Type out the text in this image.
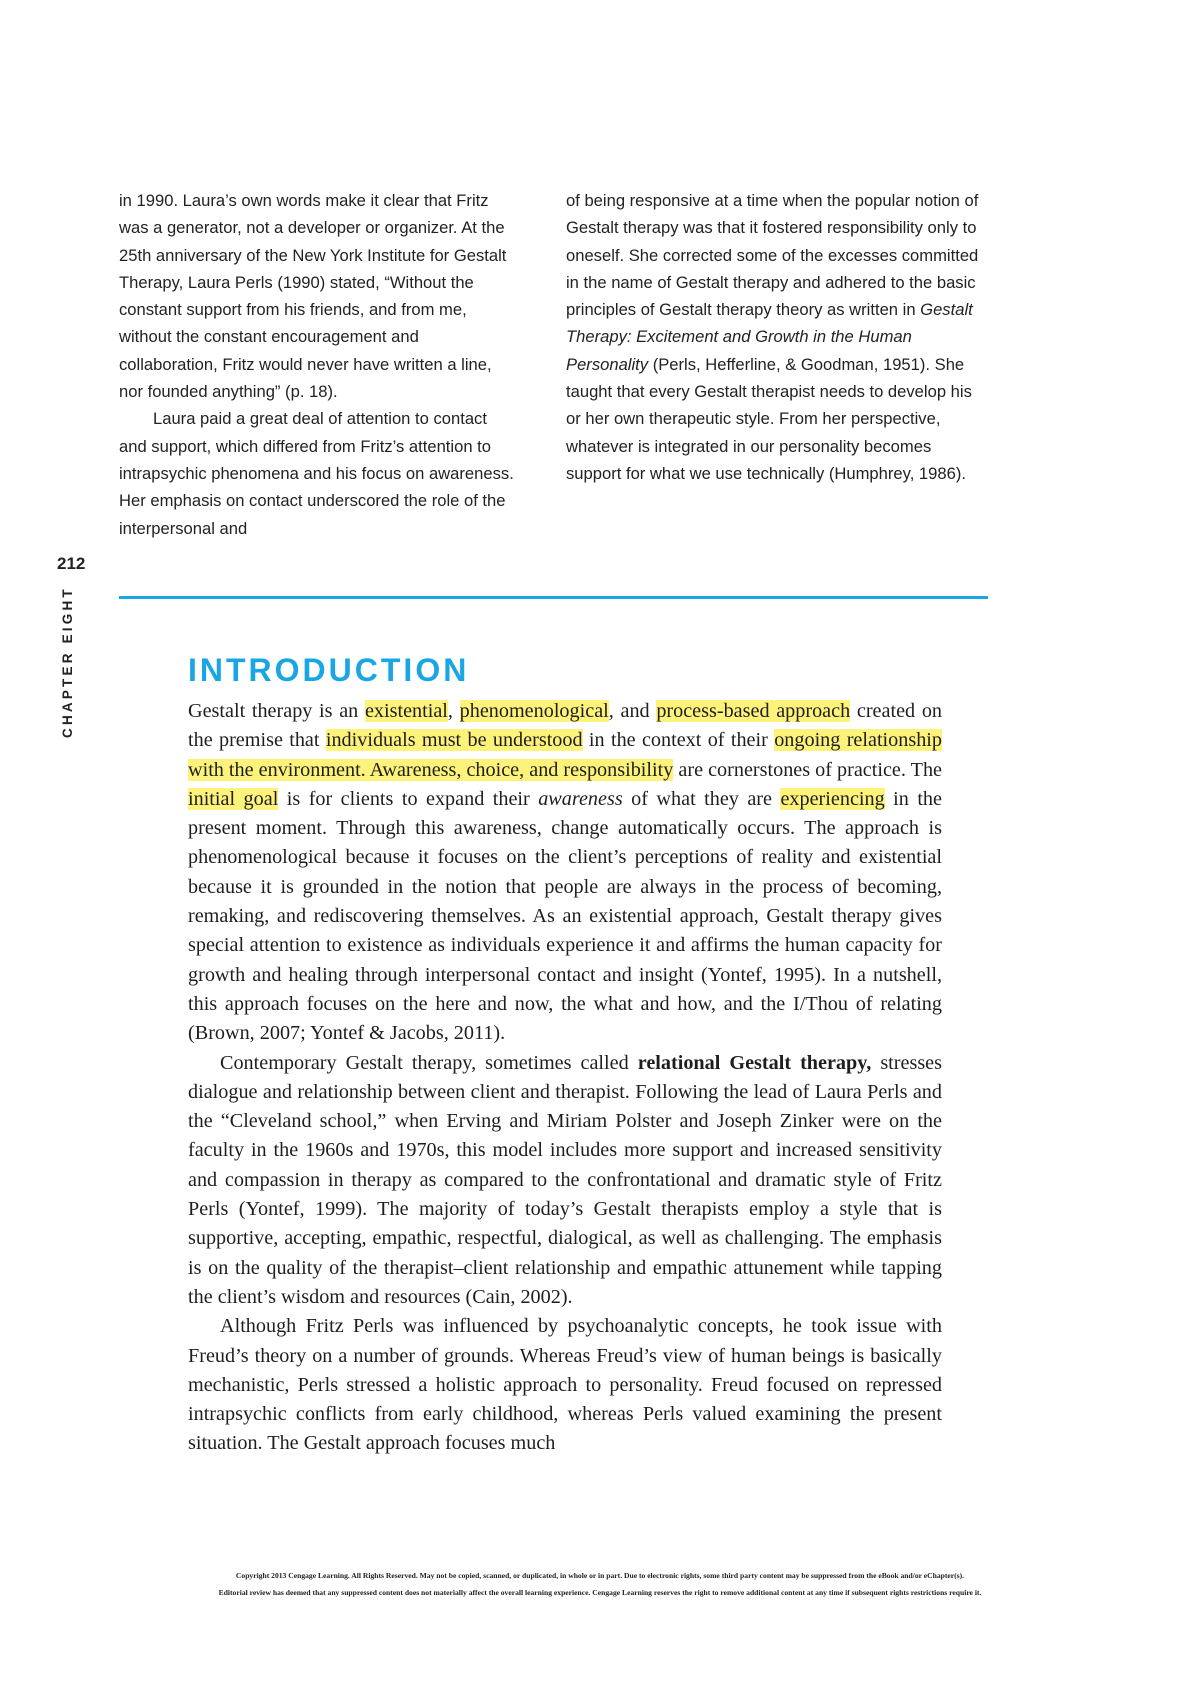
in 1990. Laura’s own words make it clear that Fritz was a generator, not a developer or organizer. At the 25th anniversary of the New York Institute for Gestalt Therapy, Laura Perls (1990) stated, “Without the constant support from his friends, and from me, without the constant encouragement and collaboration, Fritz would never have written a line, nor founded anything” (p. 18).

Laura paid a great deal of attention to contact and support, which differed from Fritz’s attention to intrapsychic phenomena and his focus on awareness. Her emphasis on contact underscored the role of the interpersonal and

of being responsive at a time when the popular notion of Gestalt therapy was that it fostered responsibility only to oneself. She corrected some of the excesses committed in the name of Gestalt therapy and adhered to the basic principles of Gestalt therapy theory as written in Gestalt Therapy: Excitement and Growth in the Human Personality (Perls, Hefferline, & Goodman, 1951). She taught that every Gestalt therapist needs to develop his or her own therapeutic style. From her perspective, whatever is integrated in our personality becomes support for what we use technically (Humphrey, 1986).

212
CHAPTER EIGHT	INTRODUCTION

Gestalt therapy is an existential, phenomenological, and process-based approach created on the premise that individuals must be understood in the context of their ongoing relationship with the environment. Awareness, choice, and responsibility are cornerstones of practice. The initial goal is for clients to expand their awareness of what they are experiencing in the present moment. Through this awareness, change automatically occurs. The approach is phenomenological because it focuses on the client’s perceptions of reality and existential because it is grounded in the notion that people are always in the process of becoming, remaking, and rediscovering themselves. As an existential approach, Gestalt therapy gives special attention to existence as individuals experience it and affirms the human capacity for growth and healing through interpersonal contact and insight (Yontef, 1995). In a nutshell, this approach focuses on the here and now, the what and how, and the I/Thou of relating (Brown, 2007; Yontef & Jacobs, 2011).

Contemporary Gestalt therapy, sometimes called relational Gestalt therapy, stresses dialogue and relationship between client and therapist. Following the lead of Laura Perls and the “Cleveland school,” when Erving and Miriam Polster and Joseph Zinker were on the faculty in the 1960s and 1970s, this model includes more support and increased sensitivity and compassion in therapy as compared to the confrontational and dramatic style of Fritz Perls (Yontef, 1999). The majority of today’s Gestalt therapists employ a style that is supportive, accepting, empathic, respectful, dialogical, as well as challenging. The emphasis is on the quality of the therapist–client relationship and empathic attunement while tapping the client’s wisdom and resources (Cain, 2002).

Although Fritz Perls was influenced by psychoanalytic concepts, he took issue with Freud’s theory on a number of grounds. Whereas Freud’s view of human beings is basically mechanistic, Perls stressed a holistic approach to personality. Freud focused on repressed intrapsychic conflicts from early childhood, whereas Perls valued examining the present situation. The Gestalt approach focuses much

Copyright 2013 Cengage Learning. All Rights Reserved. May not be copied, scanned, or duplicated, in whole or in part. Due to electronic rights, some third party content may be suppressed from the eBook and/or eChapter(s).
Editorial review has deemed that any suppressed content does not materially affect the overall learning experience. Cengage Learning reserves the right to remove additional content at any time if subsequent rights restrictions require it.
